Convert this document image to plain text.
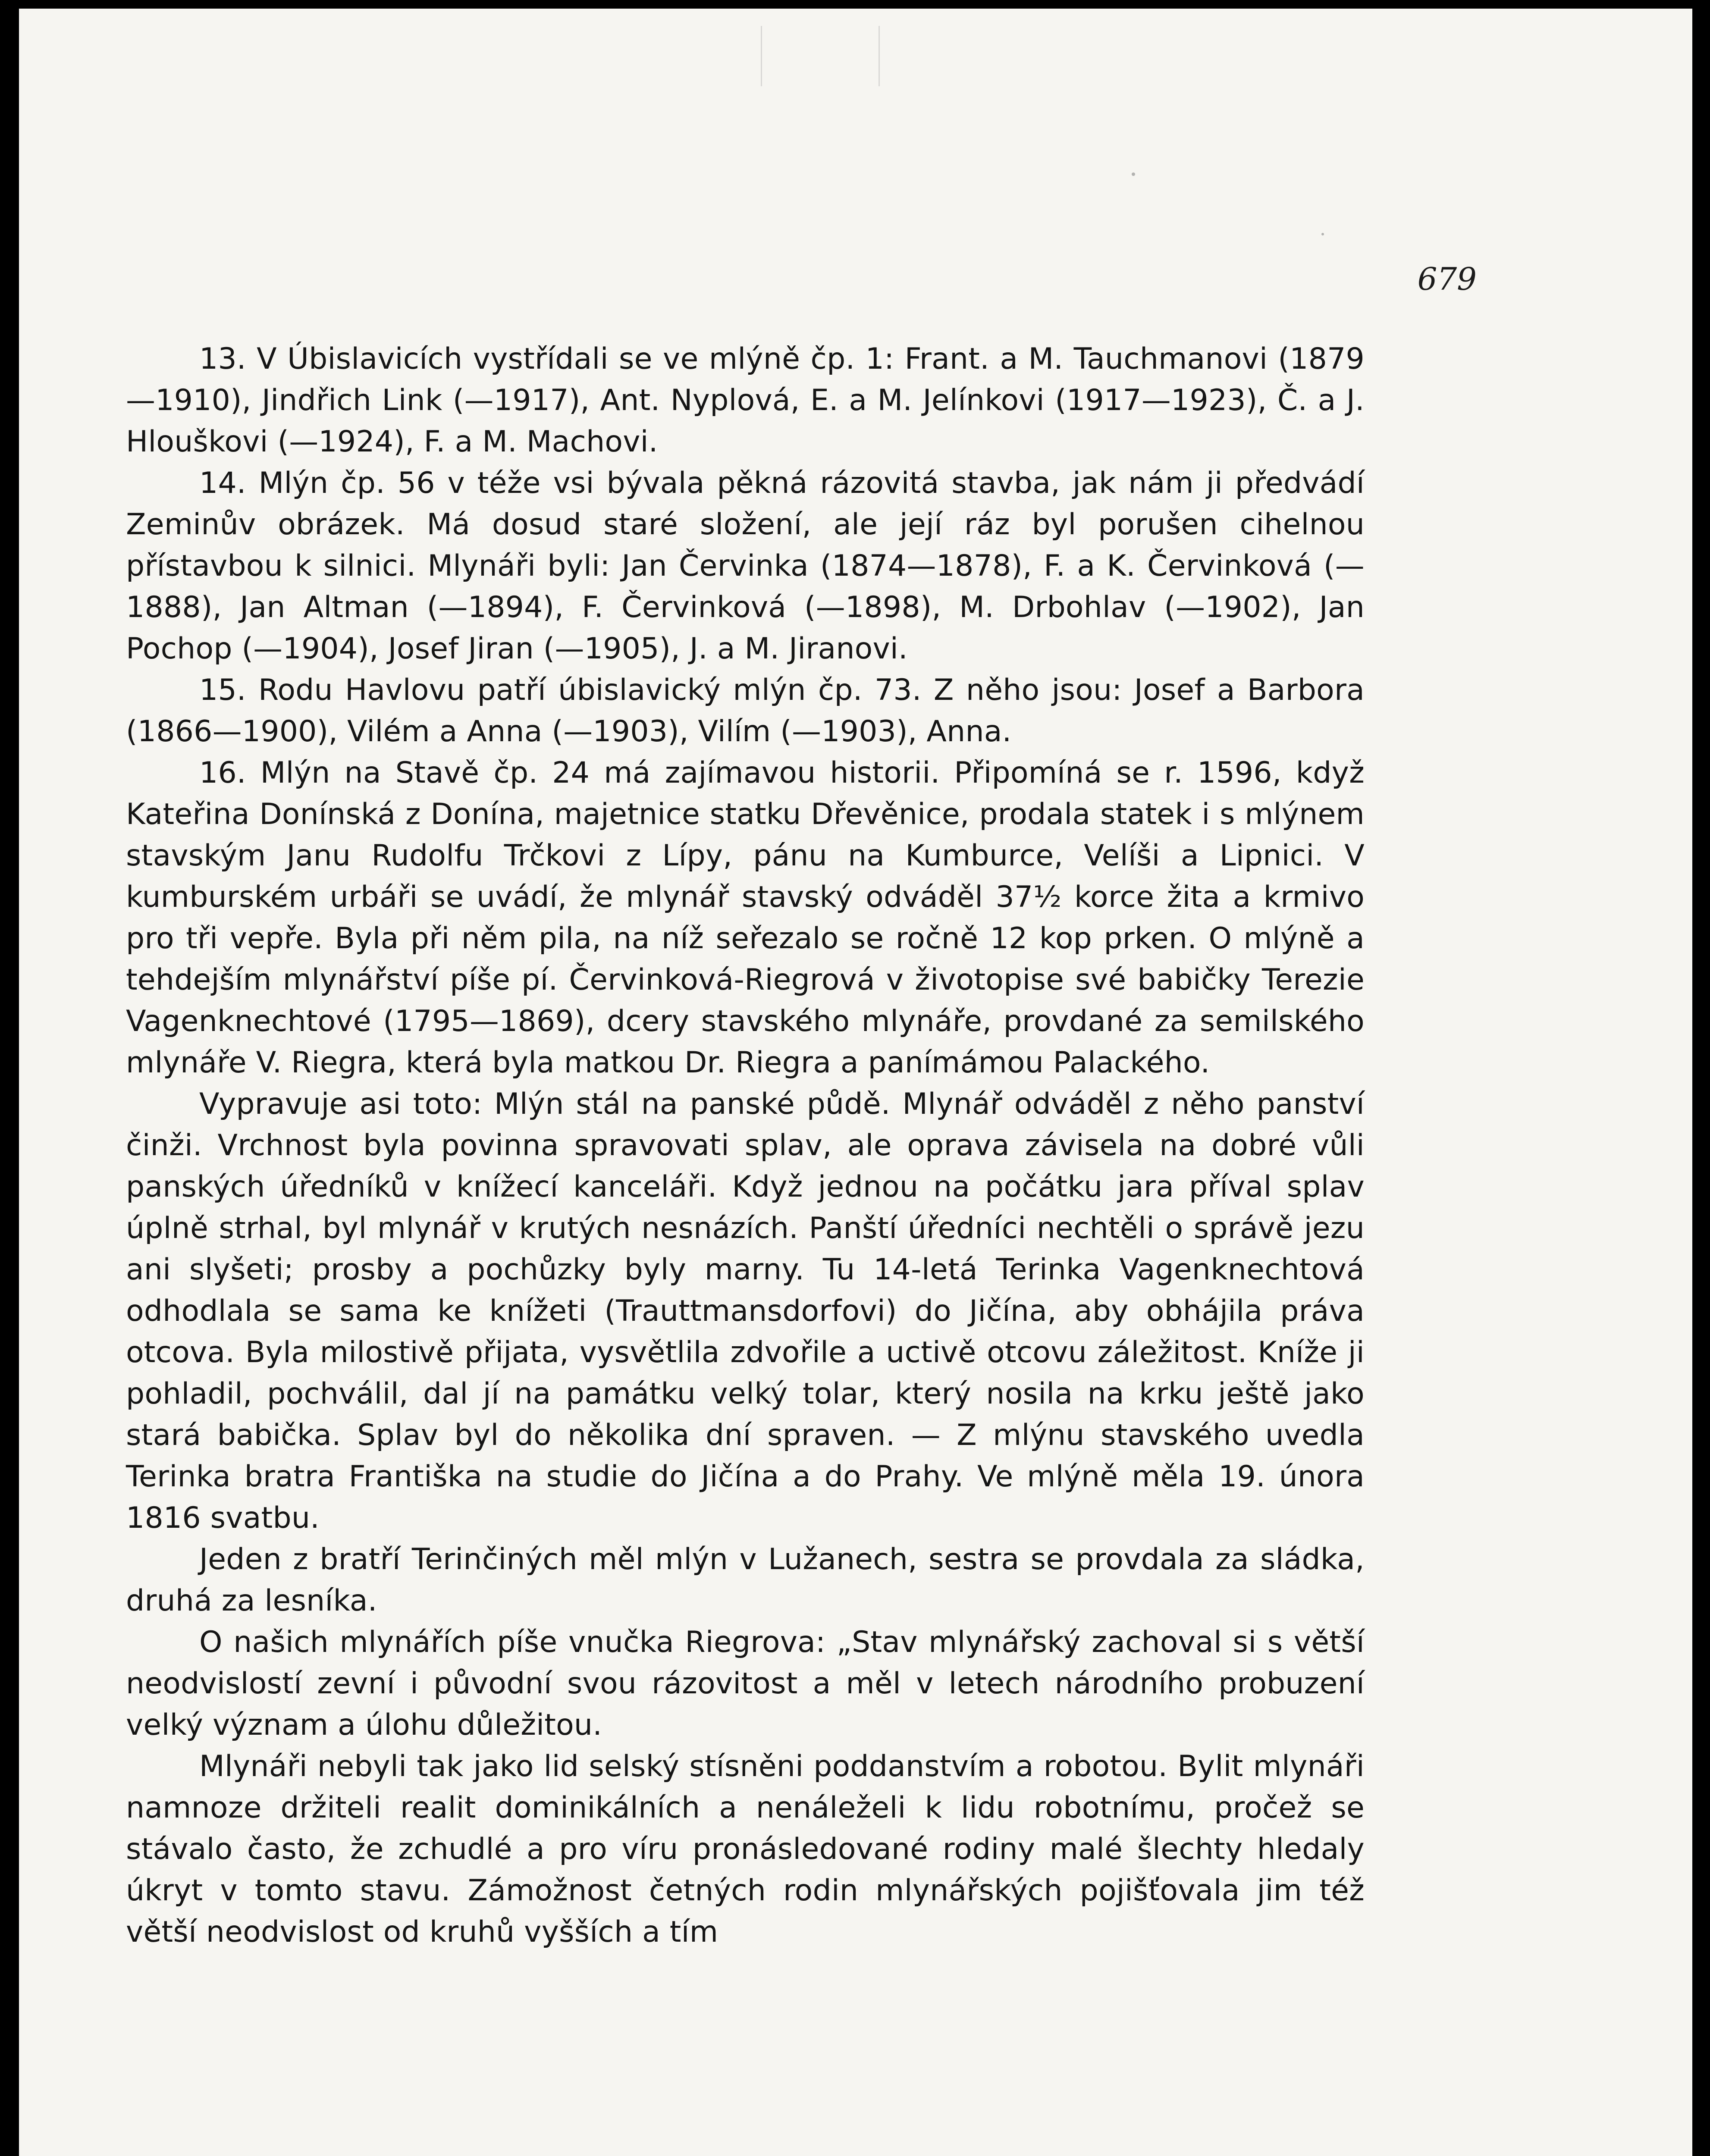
679

13. V Úbislavicích vystřídali se ve mlýně čp. 1: Frant. a M. Tauchmanovi (1879—1910), Jindřich Link (—1917), Ant. Nyplová, E. a M. Jelínkovi (1917—1923), Č. a J. Hlouškovi (—1924), F. a M. Machovi.

14. Mlýn čp. 56 v téže vsi bývala pěkná rázovitá stavba, jak nám ji předvádí Zeminův obrázek. Má dosud staré složení, ale její ráz byl porušen cihelnou přístavbou k silnici. Mlynáři byli: Jan Červinka (1874—1878), F. a K. Červinková (—1888), Jan Altman (—1894), F. Červinková (—1898), M. Drbohlav (—1902), Jan Pochop (—1904), Josef Jiran (—1905), J. a M. Jiranovi.

15. Rodu Havlovu patří úbislavický mlýn čp. 73. Z něho jsou: Josef a Barbora (1866—1900), Vilém a Anna (—1903), Vilím (—1903), Anna.

16. Mlýn na Stavě čp. 24 má zajímavou historii. Připomíná se r. 1596, když Kateřina Donínská z Donína, majetnice statku Dřevěnice, prodala statek i s mlýnem stavským Janu Rudolfu Trčkovi z Lípy, pánu na Kumburce, Velíši a Lipnici. V kumburském urbáři se uvádí, že mlynář stavský odváděl 37½ korce žita a krmivo pro tři vepře. Byla při něm pila, na níž seřezalo se ročně 12 kop prken. O mlýně a tehdejším mlynářství píše pí. Červinková-Riegrová v životopise své babičky Terezie Vagenknechtové (1795—1869), dcery stavského mlynáře, provdané za semilského mlynáře V. Riegra, která byla matkou Dr. Riegra a panímámou Palackého.

Vypravuje asi toto: Mlýn stál na panské půdě. Mlynář odváděl z něho panství činži. Vrchnost byla povinna spravovati splav, ale oprava závisela na dobré vůli panských úředníků v knížecí kanceláři. Když jednou na počátku jara příval splav úplně strhal, byl mlynář v krutých nesnázích. Panští úředníci nechtěli o správě jezu ani slyšeti; prosby a pochůzky byly marny. Tu 14-letá Terinka Vagenknechtová odhodlala se sama ke knížeti (Trauttmansdorfovi) do Jičína, aby obhájila práva otcova. Byla milostivě přijata, vysvětlila zdvořile a uctivě otcovu záležitost. Kníže ji pohladil, pochválil, dal jí na památku velký tolar, který nosila na krku ještě jako stará babička. Splav byl do několika dní spraven. — Z mlýnu stavského uvedla Terinka bratra Františka na studie do Jičína a do Prahy. Ve mlýně měla 19. února 1816 svatbu.

Jeden z bratří Terinčiných měl mlýn v Lužanech, sestra se provdala za sládka, druhá za lesníka.

O našich mlynářích píše vnučka Riegrova: „Stav mlynářský zachoval si s větší neodvislostí zevní i původní svou rázovitost a měl v letech národního probuzení velký význam a úlohu důležitou.

Mlynáři nebyli tak jako lid selský stísněni poddanstvím a robotou. Bylit mlynáři namnoze držiteli realit dominikálních a nenáleželi k lidu robotnímu, pročež se stávalo často, že zchudlé a pro víru pronásledované rodiny malé šlechty hledaly úkryt v tomto stavu. Zámožnost četných rodin mlynářských pojišťovala jim též větší neodvislost od kruhů vyšších a tím
